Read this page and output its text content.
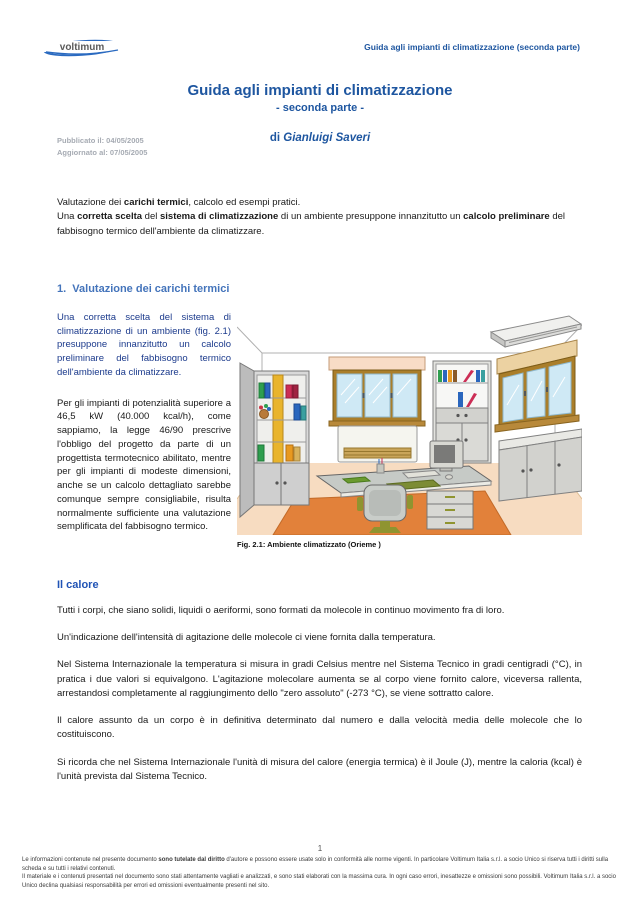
voltimum	Guida agli impianti di climatizzazione (seconda parte)
Guida agli impianti di climatizzazione
- seconda parte -
Pubblicato il: 04/05/2005
Aggiornato al: 07/05/2005
di Gianluigi Saveri
Valutazione dei carichi termici, calcolo ed esempi pratici.
Una corretta scelta del sistema di climatizzazione di un ambiente presuppone innanzitutto un calcolo preliminare del fabbisogno termico dell'ambiente da climatizzare.
1.  Valutazione dei carichi termici
Fig. 2.1: Ambiente climatizzato (Orieme )

Una corretta scelta del sistema di climatizzazione di un ambiente (fig. 2.1) presuppone innanzitutto un calcolo preliminare del fabbisogno termico dell'ambiente da climatizzare.

Per gli impianti di potenzialità superiore a 46,5 kW (40.000 kcal/h), come sappiamo, la legge 46/90 prescrive l'obbligo del progetto da parte di un progettista termotecnico abilitato, mentre per gli impianti di modeste dimensioni, anche se un calcolo dettagliato sarebbe comunque sempre consigliabile, risulta normalmente sufficiente una valutazione semplificata del fabbisogno termico.

Il calore

Tutti i corpi, che siano solidi, liquidi o aeriformi, sono formati da molecole in continuo movimento fra di loro.

Un'indicazione dell'intensità di agitazione delle molecole ci viene fornita dalla temperatura.

Nel Sistema Internazionale la temperatura si misura in gradi Celsius mentre nel Sistema Tecnico in gradi centigradi (°C), in pratica i due valori si equivalgono. L'agitazione molecolare aumenta se al corpo viene fornito calore, viceversa rallenta, arrestandosi completamente al raggiungimento dello "zero assoluto" (-273 °C), se viene sottratto calore.

Il calore assunto da un corpo è in definitiva determinato dal numero e dalla velocità media delle molecole che lo costituiscono.

Si ricorda che nel Sistema Internazionale l'unità di misura del calore (energia termica) è il Joule (J), mentre la caloria (kcal) è l'unità prevista dal Sistema Tecnico.

1

Le informazioni contenute nel presente documento sono tutelate dal diritto d'autore e possono essere usate solo in conformità alle norme vigenti. In particolare Voltimum Italia s.r.l. a socio Unico si riserva tutti i diritti sulla scheda e su tutti i relativi contenuti.

Il materiale e i contenuti presentati nel documento sono stati attentamente vagliati e analizzati, e sono stati elaborati con la massima cura. In ogni caso errori, inesattezze e omissioni sono possibili. Voltimum Italia s.r.l. a socio Unico declina qualsiasi responsabilità per errori ed omissioni eventualmente presenti nel sito.
